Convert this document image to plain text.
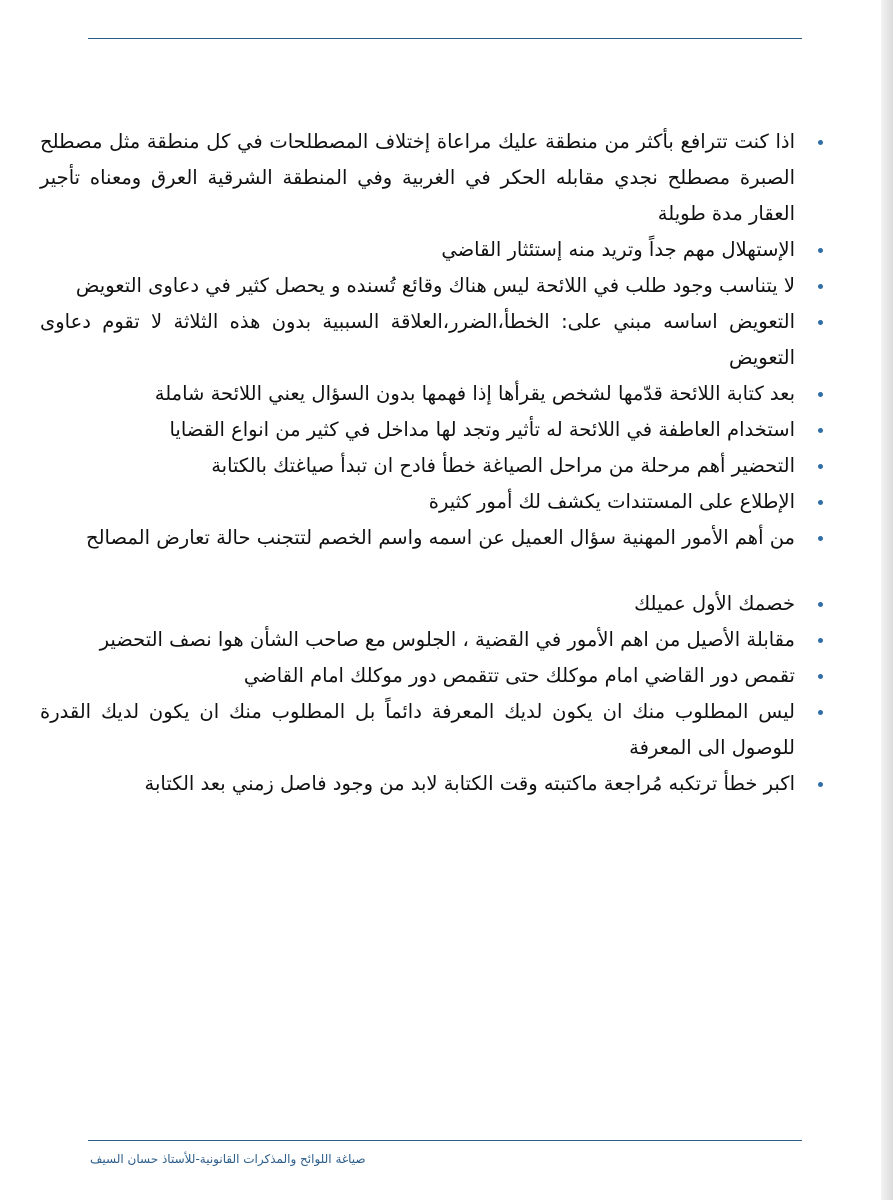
اذا كنت تترافع بأكثر من منطقة عليك مراعاة إختلاف المصطلحات في كل منطقة مثل مصطلح الصبرة مصطلح نجدي مقابله الحكر في الغربية وفي المنطقة الشرقية العرق ومعناه تأجير العقار مدة طويلة
الإستهلال مهم جداً وتريد منه إستئثار القاضي
لا يتناسب وجود طلب في اللائحة ليس هناك وقائع تُسنده و يحصل كثير في دعاوى التعويض
التعويض اساسه مبني على: الخطأ،الضرر،العلاقة السببية بدون هذه الثلاثة لا تقوم دعاوى التعويض
بعد كتابة اللائحة قدّمها لشخص يقرأها إذا فهمها بدون السؤال يعني اللائحة شاملة
استخدام العاطفة في اللائحة له تأثير وتجد لها مداخل في كثير من انواع القضايا
التحضير أهم مرحلة من مراحل الصياغة خطأ فادح ان تبدأ صياغتك بالكتابة
الإطلاع على المستندات يكشف لك أمور كثيرة
من أهم الأمور المهنية سؤال العميل عن اسمه واسم الخصم لتتجنب حالة تعارض المصالح
خصمك الأول عميلك
مقابلة الأصيل من اهم الأمور في القضية ، الجلوس مع صاحب الشأن هوا نصف التحضير
تقمص دور القاضي امام موكلك حتى تتقمص دور موكلك امام القاضي
ليس المطلوب منك ان يكون لديك المعرفة دائماً بل المطلوب منك ان يكون لديك القدرة للوصول الى المعرفة
اكبر خطأ ترتكبه مُراجعة ماكتبته وقت الكتابة لابد من وجود فاصل زمني بعد الكتابة
صياغة اللوائح والمذكرات القانونية-للأستاذ حسان السيف
